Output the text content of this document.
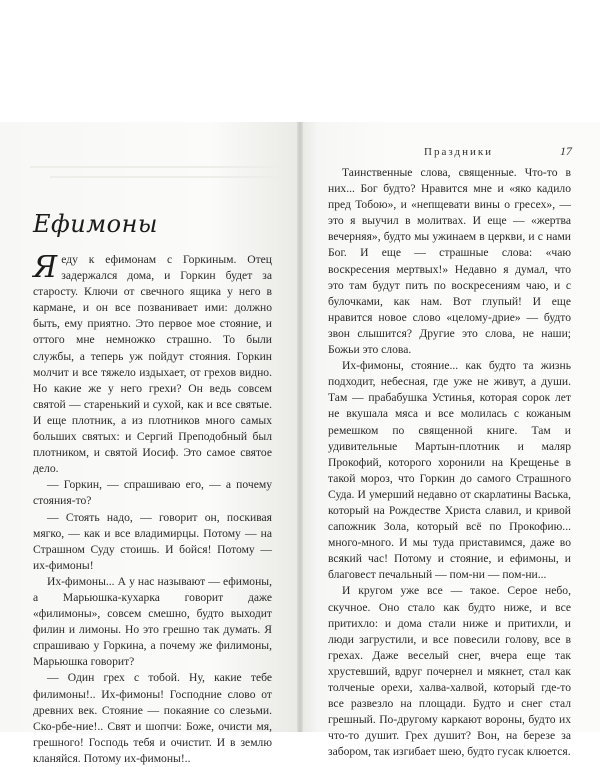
Ефимоны

Яеду к ефимонам с Горкиным. Отец задержался дома, и Горкин будет за старосту. Ключи от свечного ящика у него в кармане, и он все позванивает ими: должно быть, ему приятно. Это первое мое стояние, и оттого мне немножко страшно. То были службы, а теперь уж пойдут стояния. Горкин молчит и все тяжело издыхает, от грехов видно. Но какие же у него грехи? Он ведь совсем святой — старенький и сухой, как и все святые. И еще плотник, а из плотников много самых больших святых: и Сергий Преподобный был плотником, и святой Иосиф. Это самое святое дело.

— Горкин, — спрашиваю его, — а почему стояния-то?

— Стоять надо, — говорит он, поскивая мягко, — как и все владимирцы. Потому — на Страшном Суду стоишь. И бойся! Потому — их-фимоны!

Их-фимоны... А у нас называют — ефимоны, а Марьюшка-кухарка говорит даже «филимоны», совсем смешно, будто выходит филин и лимоны. Но это грешно так думать. Я спрашиваю у Горкина, а почему же филимоны, Марьюшка говорит?

— Один грех с тобой. Ну, какие тебе филимоны!.. Их-фимоны! Господние слово от древних век. Стояние — покаяние со слезьми. Ско-рбе-ние!.. Свят и шопчи: Боже, очисти мя, грешного! Господь тебя и очистит. И в землю кланяйся. Потому их-фимоны!..

Праздники	17

Таинственные слова, священные. Что-то в них... Бог будто? Нравится мне и «яко кадило пред Тобою», и «непщевати вины о гресех», — это я выучил в молитвах. И еще — «жертва вечерняя», будто мы ужинаем в церкви, и с нами Бог. И еще — страшные слова: «чаю воскресения мертвых!» Недавно я думал, что это там будут пить по воскресениям чаю, и с булочками, как нам. Вот глупый! И еще нравится новое слово «целому-дрие» — будто звон слышится? Другие это слова, не наши; Божьи это слова.

Их-фимоны, стояние... как будто та жизнь подходит, небесная, где уже не живут, а души. Там — прабабушка Устинья, которая сорок лет не вкушала мяса и все молилась с кожаным ремешком по священной книге. Там и удивительные Мартын-плотник и маляр Прокофий, которого хоронили на Крещенье в такой мороз, что Горкин до самого Страшного Суда. И умерший недавно от скарлатины Васька, который на Рождестве Христа славил, и кривой сапожник Зола, который всё по Прокофию... много-много. И мы туда приставимся, даже во всякий час! Потому и стояние, и ефимоны, и благовест печальный — пом-ни — пом-ни...

И кругом уже все — такое. Серое небо, скучное. Оно стало как будто ниже, и все притихло: и дома стали ниже и притихли, и люди загрустили, и все повесили голову, все в грехах. Даже веселый снег, вчера еще так хрустевший, вдруг почернел и мякнет, стал как толченые орехи, халва-халвой, который где-то все развезло на площади. Будто и снег стал грешный. По-другому каркают вороны, будто их что-то душит. Грех душит? Вон, на березе за забором, так изгибает шею, будто гусак клюется.
